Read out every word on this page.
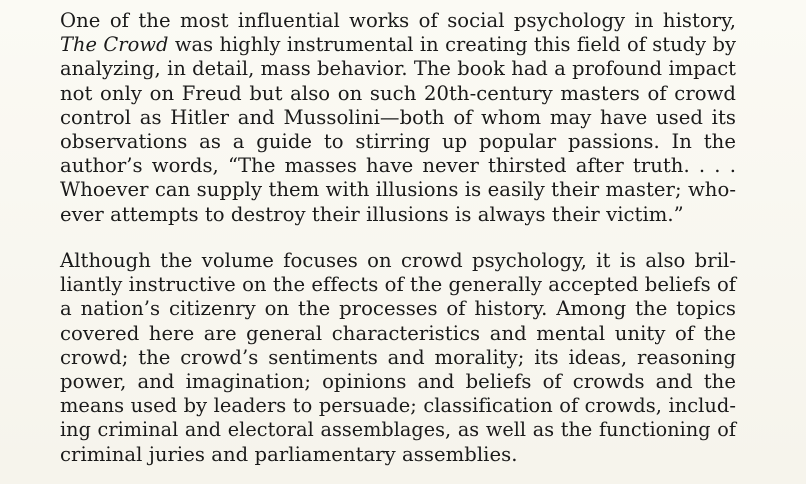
One of the most influential works of social psychology in history,
The Crowd was highly instrumental in creating this field of study by
analyzing, in detail, mass behavior. The book had a profound impact
not only on Freud but also on such 20th-century masters of crowd
control as Hitler and Mussolini—both of whom may have used its
observations as a guide to stirring up popular passions. In the
author’s words, “The masses have never thirsted after truth. . . .
Whoever can supply them with illusions is easily their master; who-
ever attempts to destroy their illusions is always their victim.”
Although the volume focuses on crowd psychology, it is also bril-
liantly instructive on the effects of the generally accepted beliefs of
a nation’s citizenry on the processes of history. Among the topics
covered here are general characteristics and mental unity of the
crowd; the crowd’s sentiments and morality; its ideas, reasoning
power, and imagination; opinions and beliefs of crowds and the
means used by leaders to persuade; classification of crowds, includ-
ing criminal and electoral assemblages, as well as the functioning of
criminal juries and parliamentary assemblies.
